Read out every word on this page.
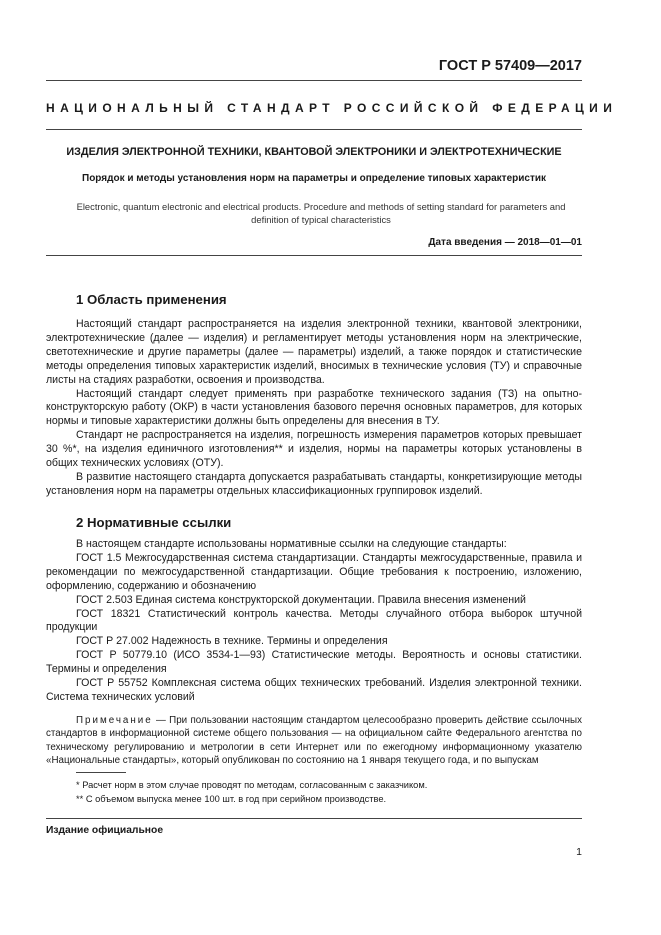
ГОСТ Р 57409—2017
НАЦИОНАЛЬНЫЙ СТАНДАРТ РОССИЙСКОЙ ФЕДЕРАЦИИ
ИЗДЕЛИЯ ЭЛЕКТРОННОЙ ТЕХНИКИ, КВАНТОВОЙ ЭЛЕКТРОНИКИ И ЭЛЕКТРОТЕХНИЧЕСКИЕ
Порядок и методы установления норм на параметры и определение типовых характеристик
Electronic, quantum electronic and electrical products. Procedure and methods of setting standard for parameters and definition of typical characteristics
Дата введения — 2018—01—01
1 Область применения

Настоящий стандарт распространяется на изделия электронной техники, квантовой электроники, электротехнические (далее — изделия) и регламентирует методы установления норм на электрические, светотехнические и другие параметры (далее — параметры) изделий, а также порядок и статистические методы определения типовых характеристик изделий, вносимых в технические условия (ТУ) и справочные листы на стадиях разработки, освоения и производства.

Настоящий стандарт следует применять при разработке технического задания (ТЗ) на опытно-конструкторскую работу (ОКР) в части установления базового перечня основных параметров, для которых нормы и типовые характеристики должны быть определены для внесения в ТУ.

Стандарт не распространяется на изделия, погрешность измерения параметров которых превышает 30 %*, на изделия единичного изготовления** и изделия, нормы на параметры которых установлены в общих технических условиях (ОТУ).

В развитие настоящего стандарта допускается разрабатывать стандарты, конкретизирующие методы установления норм на параметры отдельных классификационных группировок изделий.

2 Нормативные ссылки

В настоящем стандарте использованы нормативные ссылки на следующие стандарты:

ГОСТ 1.5 Межгосударственная система стандартизации. Стандарты межгосударственные, правила и рекомендации по межгосударственной стандартизации. Общие требования к построению, изложению, оформлению, содержанию и обозначению

ГОСТ 2.503 Единая система конструкторской документации. Правила внесения изменений

ГОСТ 18321 Статистический контроль качества. Методы случайного отбора выборок штучной продукции

ГОСТ Р 27.002 Надежность в технике. Термины и определения

ГОСТ Р 50779.10 (ИСО 3534-1—93) Статистические методы. Вероятность и основы статистики. Термины и определения

ГОСТ Р 55752 Комплексная система общих технических требований. Изделия электронной техники. Система технических условий

Примечание — При пользовании настоящим стандартом целесообразно проверить действие ссылочных стандартов в информационной системе общего пользования — на официальном сайте Федерального агентства по техническому регулированию и метрологии в сети Интернет или по ежегодному информационному указателю «Национальные стандарты», который опубликован по состоянию на 1 января текущего года, и по выпускам
* Расчет норм в этом случае проводят по методам, согласованным с заказчиком.
** С объемом выпуска менее 100 шт. в год при серийном производстве.
Издание официальное
1
